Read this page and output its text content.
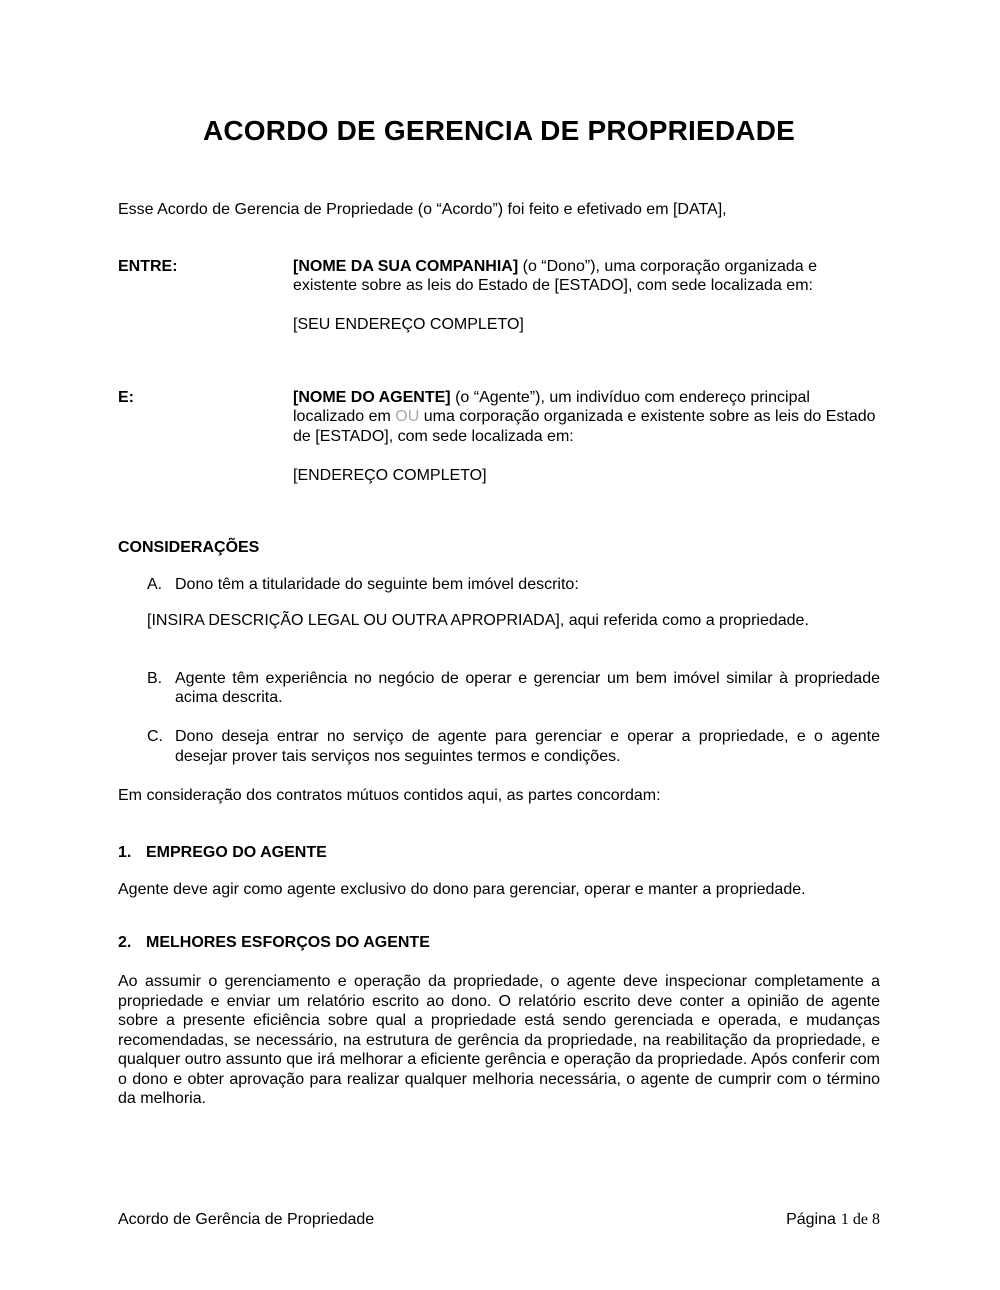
ACORDO DE GERENCIA DE PROPRIEDADE

Esse Acordo de Gerencia de Propriedade (o “Acordo”) foi feito e efetivado em [DATA],

ENTRE:	[NOME DA SUA COMPANHIA] (o “Dono”), uma corporação organizada e existente sobre as leis do Estado de [ESTADO], com sede localizada em:

[SEU ENDEREÇO COMPLETO]

E:	[NOME DO AGENTE] (o “Agente”), um indivíduo com endereço principal localizado em OU uma corporação organizada e existente sobre as leis do Estado de [ESTADO], com sede localizada em:

[ENDEREÇO COMPLETO]

CONSIDERAÇÕES

A. Dono têm a titularidade do seguinte bem imóvel descrito:

[INSIRA DESCRIÇÃO LEGAL OU OUTRA APROPRIADA], aqui referida como a propriedade.

B. Agente têm experiência no negócio de operar e gerenciar um bem imóvel similar à propriedade acima descrita.
C. Dono deseja entrar no serviço de agente para gerenciar e operar a propriedade, e o agente desejar prover tais serviços nos seguintes termos e condições.

Em consideração dos contratos mútuos contidos aqui, as partes concordam:

1. EMPREGO DO AGENTE

Agente deve agir como agente exclusivo do dono para gerenciar, operar e manter a propriedade.

2. MELHORES ESFORÇOS DO AGENTE

Ao assumir o gerenciamento e operação da propriedade, o agente deve inspecionar completamente a propriedade e enviar um relatório escrito ao dono. O relatório escrito deve conter a opinião de agente sobre a presente eficiência sobre qual a propriedade está sendo gerenciada e operada, e mudanças recomendadas, se necessário, na estrutura de gerência da propriedade, na reabilitação da propriedade, e qualquer outro assunto que irá melhorar a eficiente gerência e operação da propriedade. Após conferir com o dono e obter aprovação para realizar qualquer melhoria necessária, o agente de cumprir com o término da melhoria.

Acordo de Gerência de Propriedade	Página 1 de 8
